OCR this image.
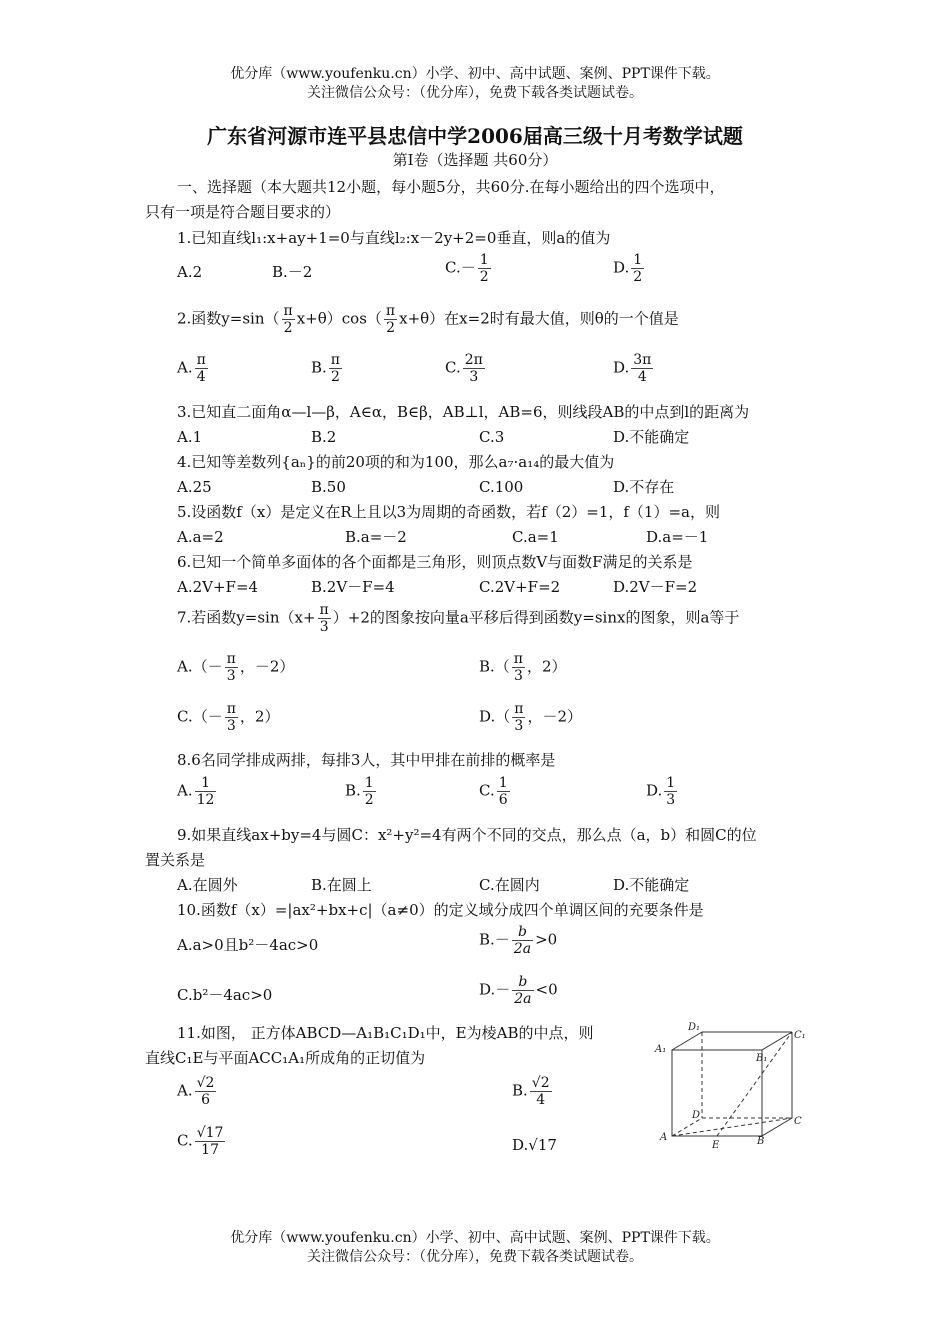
优分库（www.youfenku.cn）小学、初中、高中试题、案例、PPT课件下载。
关注微信公众号：（优分库），免费下载各类试题试卷。
广东省河源市连平县忠信中学2006届高三级十月考数学试题
第Ⅰ卷（选择题 共60分）
一、选择题（本大题共12小题，每小题5分，共60分.在每小题给出的四个选项中，
只有一项是符合题目要求的）
1.已知直线l₁:x+ay+1=0与直线l₂:x－2y+2=0垂直，则a的值为
A.2	B.－2	$C.- \frac{1}{2}$	D. $\frac{1}{2}$
2.函数$y=\sin( \frac{\pi}{2} x+\theta)\cos( \frac{\pi}{2} x+\theta)$在x=2时有最大值，则θ的一个值是
A. $\frac{\pi}{4}$	B. $\frac{\pi}{2}$	C. $\frac{2\pi}{3}$	D. $\frac{3\pi}{4}$
3.已知直二面角α—l—β，A∈α，B∈β，AB⊥l，AB=6，则线段AB的中点到l的距离为
A.1	B.2	C.3	D.不能确定
4.已知等差数列{aₙ}的前20项的和为100，那么a₇·a₁₄的最大值为
A.25	B.50	C.100	D.不存在
5.设函数f（x）是定义在R上且以3为周期的奇函数，若f（2）=1，f（1）=a，则
A.a=2	B.a=－2	C.a=1	D.a=－1
6.已知一个简单多面体的各个面都是三角形，则顶点数V与面数F满足的关系是
A.2V+F=4	B.2V－F=4	C.2V+F=2	D.2V－F=2
7.若函数$y=\sin(x+ \frac{\pi}{3} )+2$的图象按向量a平移后得到函数y=sinx的图象，则a等于
$A.(- \frac{\pi}{3}$ ，－2）	$B.( \frac{\pi}{3}$ ，2）
$C.(- \frac{\pi}{3}$ ，2）	$D.( \frac{\pi}{3}$ ，－2）
8.6名同学排成两排，每排3人，其中甲排在前排的概率是
A. $\frac{1}{12}$	B. $\frac{1}{2}$	C. $\frac{1}{6}$	D. $\frac{1}{3}$
9.如果直线ax+by=4与圆C：x²+y²=4有两个不同的交点，那么点（a，b）和圆C的位
置关系是
A.在圆外	B.在圆上	C.在圆内	D.不能确定
10.函数f（x）=|ax²+bx+c|（a≠0）的定义域分成四个单调区间的充要条件是
A.a>0且b²－4ac>0	$B.- \frac{b}{2a} >0$
C.b²－4ac>0	$D.- \frac{b}{2a} <0$
11.如图， 正方体ABCD—A₁B₁C₁D₁中，E为棱AB的中点，则
直线C₁E与平面ACC₁A₁所成角的正切值为
A. $\frac{√2}{6}$	B. $\frac{√2}{4}$
C. $\frac{√17}{17}$	D.√17
D₁
C₁
A₁
B₁
D
C
A
E	B
优分库（www.youfenku.cn）小学、初中、高中试题、案例、PPT课件下载。
关注微信公众号：（优分库），免费下载各类试题试卷。
